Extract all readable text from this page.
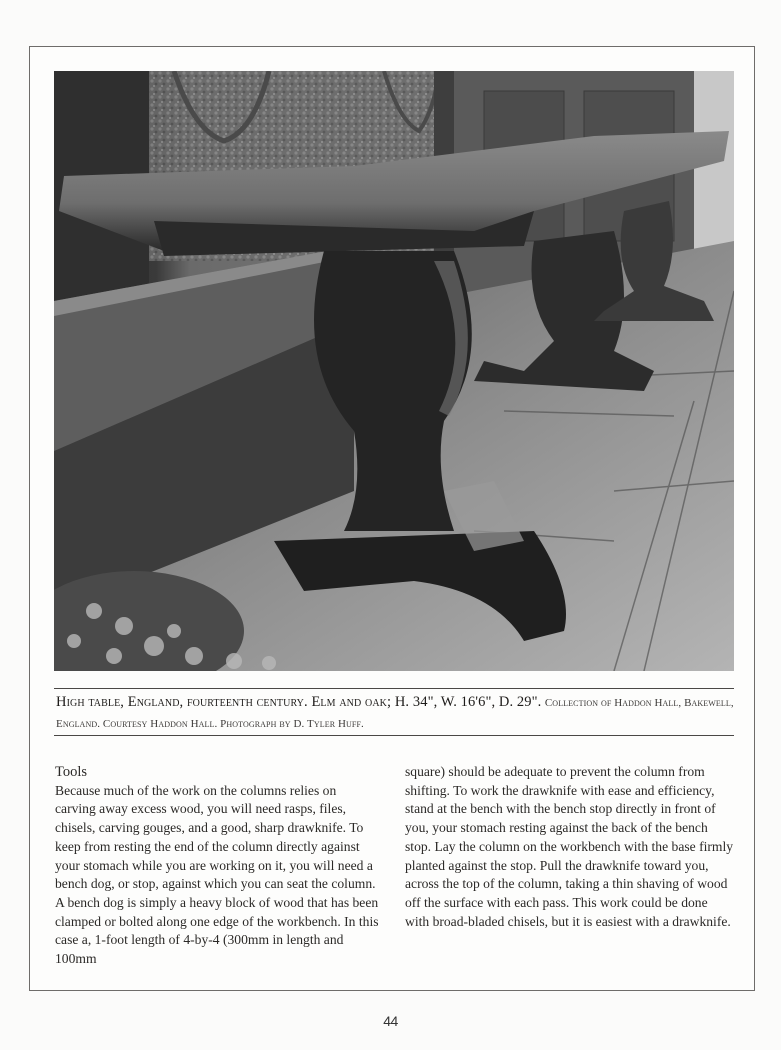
High table, England, fourteenth century. Elm and oak; H. 34", W. 16'6", D. 29". Collection of Haddon Hall, Bakewell, England. Courtesy Haddon Hall. Photograph by D. Tyler Huff.
Tools
Because much of the work on the columns relies on carving away excess wood, you will need rasps, files, chisels, carving gouges, and a good, sharp drawknife. To keep from resting the end of the column directly against your stomach while you are working on it, you will need a bench dog, or stop, against which you can seat the column. A bench dog is simply a heavy block of wood that has been clamped or bolted along one edge of the workbench. In this case a, 1-foot length of 4-by-4 (300mm in length and 100mm
square) should be adequate to prevent the column from shifting. To work the drawknife with ease and efficiency, stand at the bench with the bench stop directly in front of you, your stomach resting against the back of the bench stop. Lay the column on the workbench with the base firmly planted against the stop. Pull the drawknife toward you, across the top of the column, taking a thin shaving of wood off the surface with each pass. This work could be done with broad-bladed chisels, but it is easiest with a drawknife.
44
